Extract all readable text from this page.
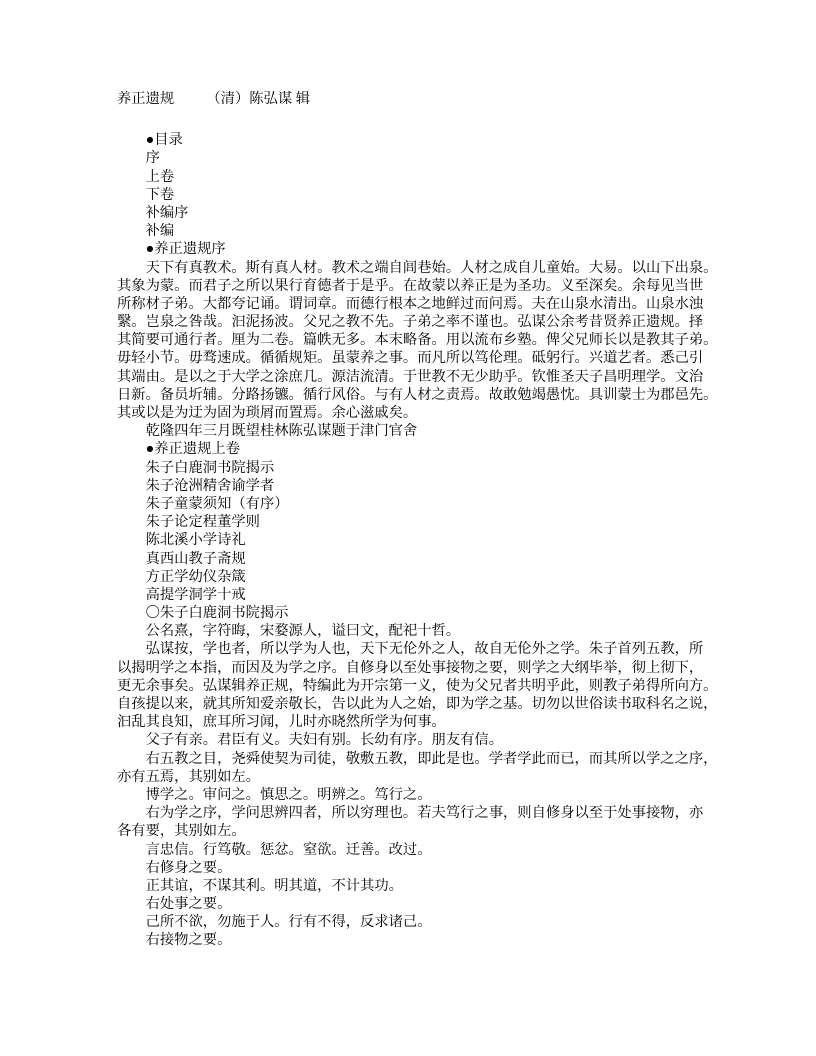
养正遗规　　 （清）陈弘谋 辑
　　●目录
　　序
　　上卷
　　下卷
　　补编序
　　补编
　　●养正遗规序
　　天下有真教术。斯有真人材。教术之端自闾巷始。人材之成自儿童始。大易。以山下出泉。
其象为蒙。而君子之所以果行育德者于是乎。在故蒙以养正是为圣功。义至深矣。余每见当世
所称材子弟。大都夸记诵。谓词章。而德行根本之地鲜过而问焉。夫在山泉水清出。山泉水浊
繄。岂泉之咎哉。汩泥扬波。父兄之教不先。子弟之率不谨也。弘谋公余考昔贤养正遗规。择
其简要可通行者。厘为二卷。篇帙无多。本末略备。用以流布乡塾。俾父兄师长以是教其子弟。
毋轻小节。毋骛速成。循循规矩。虽蒙养之事。而凡所以笃伦理。砥躬行。兴道艺者。悉己引
其端由。是以之于大学之涂庶几。源洁流清。于世教不无少助乎。钦惟圣天子昌明理学。文治
日新。备员圻辅。分路扬镳。循行风俗。与有人材之责焉。故敢勉竭愚忱。具训蒙士为郡邑先。
其或以是为迂为固为琐屑而置焉。余心滋戚矣。
　　乾隆四年三月既望桂林陈弘谋题于津门官舍
　　●养正遗规上卷
　　朱子白鹿洞书院揭示
　　朱子沧洲精舍谕学者
　　朱子童蒙须知（有序）
　　朱子论定程董学则
　　陈北溪小学诗礼
　　真西山教子斋规
　　方正学幼仪杂箴
　　高提学洞学十戒
　　〇朱子白鹿洞书院揭示
　　公名熹，字符晦，宋婺源人，谥曰文，配祀十哲。
　　弘谋按，学也者，所以学为人也，天下无伦外之人，故自无伦外之学。朱子首列五教，所
以揭明学之本指，而因及为学之序。自修身以至处事接物之要，则学之大纲毕举，彻上彻下，
更无余事矣。弘谋辑养正规，特编此为开宗第一义，使为父兄者共明乎此，则教子弟得所向方。
自孩提以来，就其所知爱亲敬长，告以此为人之始，即为学之基。切勿以世俗读书取科名之说，
汩乱其良知，庶耳所习闻，儿时亦晓然所学为何事。
　　父子有亲。君臣有义。夫妇有别。长幼有序。朋友有信。
　　右五教之目，尧舜使契为司徒，敬敷五教，即此是也。学者学此而已，而其所以学之之序，
亦有五焉，其别如左。
　　博学之。审问之。慎思之。明辨之。笃行之。
　　右为学之序，学问思辨四者，所以穷理也。若夫笃行之事，则自修身以至于处事接物，亦
各有要，其别如左。
　　言忠信。行笃敬。惩忿。窒欲。迁善。改过。
　　右修身之要。
　　正其谊，不谋其利。明其道，不计其功。
　　右处事之要。
　　己所不欲，勿施于人。行有不得，反求诸己。
　　右接物之要。
